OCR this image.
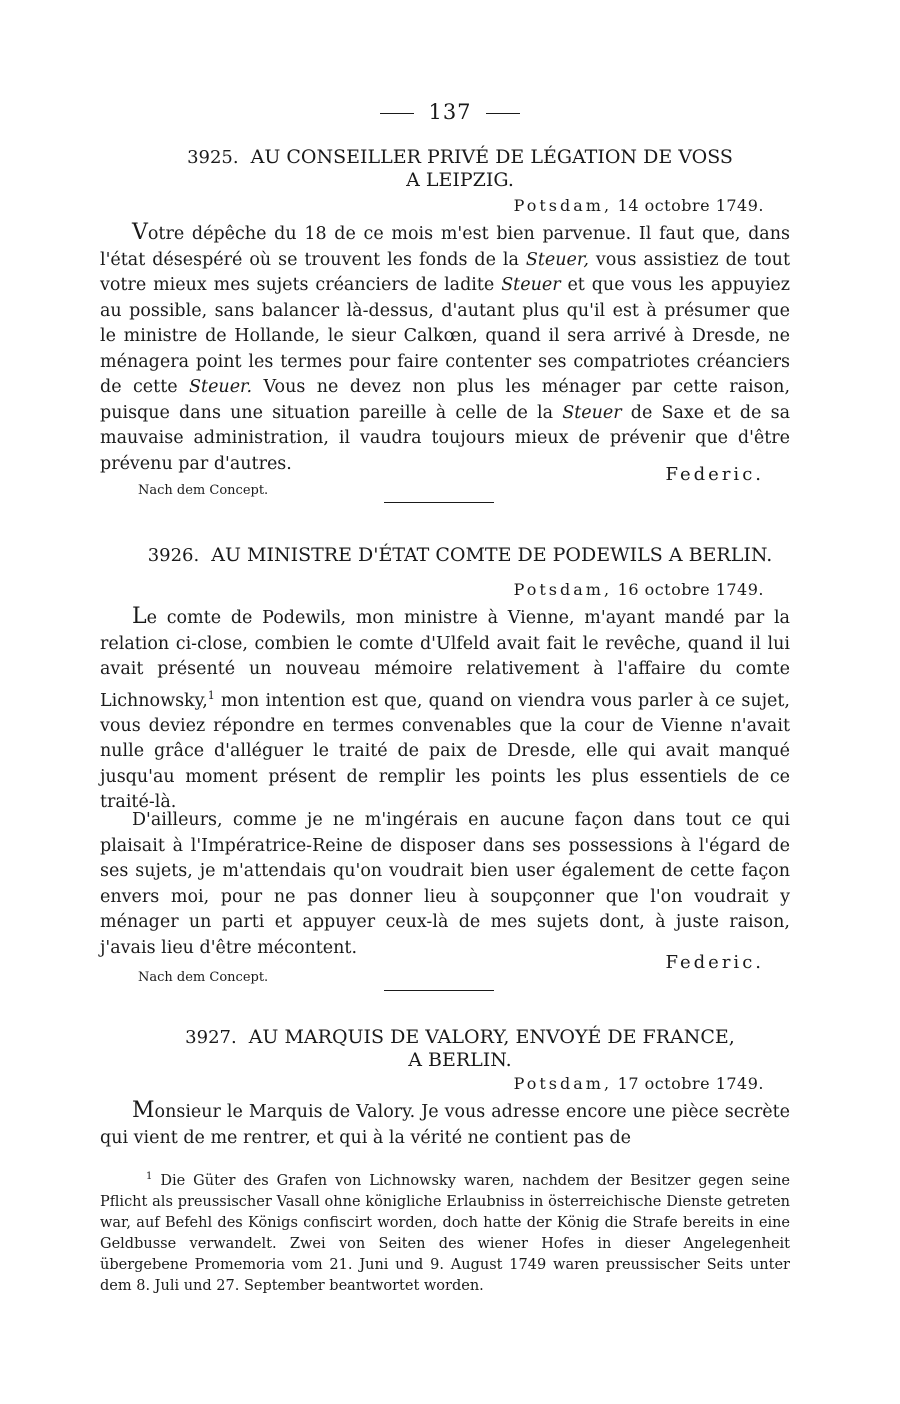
137
3925. AU CONSEILLER PRIVÉ DE LÉGATION DE VOSS
A LEIPZIG.
Potsdam, 14 octobre 1749.
Votre dépêche du 18 de ce mois m'est bien parvenue. Il faut que, dans l'état désespéré où se trouvent les fonds de la Steuer, vous assistiez de tout votre mieux mes sujets créanciers de ladite Steuer et que vous les appuyiez au possible, sans balancer là-dessus, d'autant plus qu'il est à présumer que le ministre de Hollande, le sieur Calkœn, quand il sera arrivé à Dresde, ne ménagera point les termes pour faire contenter ses compatriotes créanciers de cette Steuer. Vous ne devez non plus les ménager par cette raison, puisque dans une situation pareille à celle de la Steuer de Saxe et de sa mauvaise administration, il vaudra toujours mieux de prévenir que d'être prévenu par d'autres.
Federic.
Nach dem Concept.
3926. AU MINISTRE D'ÉTAT COMTE DE PODEWILS A BERLIN.
Potsdam, 16 octobre 1749.
Le comte de Podewils, mon ministre à Vienne, m'ayant mandé par la relation ci-close, combien le comte d'Ulfeld avait fait le revêche, quand il lui avait présenté un nouveau mémoire relativement à l'affaire du comte Lichnowsky,$^1$ mon intention est que, quand on viendra vous parler à ce sujet, vous deviez répondre en termes convenables que la cour de Vienne n'avait nulle grâce d'alléguer le traité de paix de Dresde, elle qui avait manqué jusqu'au moment présent de remplir les points les plus essentiels de ce traité-là.
D'ailleurs, comme je ne m'ingérais en aucune façon dans tout ce qui plaisait à l'Impératrice-Reine de disposer dans ses possessions à l'égard de ses sujets, je m'attendais qu'on voudrait bien user également de cette façon envers moi, pour ne pas donner lieu à soupçonner que l'on voudrait y ménager un parti et appuyer ceux-là de mes sujets dont, à juste raison, j'avais lieu d'être mécontent.
Federic.
Nach dem Concept.
3927. AU MARQUIS DE VALORY, ENVOYÉ DE FRANCE,
A BERLIN.
Potsdam, 17 octobre 1749.
Monsieur le Marquis de Valory. Je vous adresse encore une pièce secrète qui vient de me rentrer, et qui à la vérité ne contient pas de
$^1$ Die Güter des Grafen von Lichnowsky waren, nachdem der Besitzer gegen seine Pflicht als preussischer Vasall ohne königliche Erlaubniss in österreichische Dienste getreten war, auf Befehl des Königs confiscirt worden, doch hatte der König die Strafe bereits in eine Geldbusse verwandelt. Zwei von Seiten des wiener Hofes in dieser Angelegenheit übergebene Promemoria vom 21. Juni und 9. August 1749 waren preussischer Seits unter dem 8. Juli und 27. September beantwortet worden.
